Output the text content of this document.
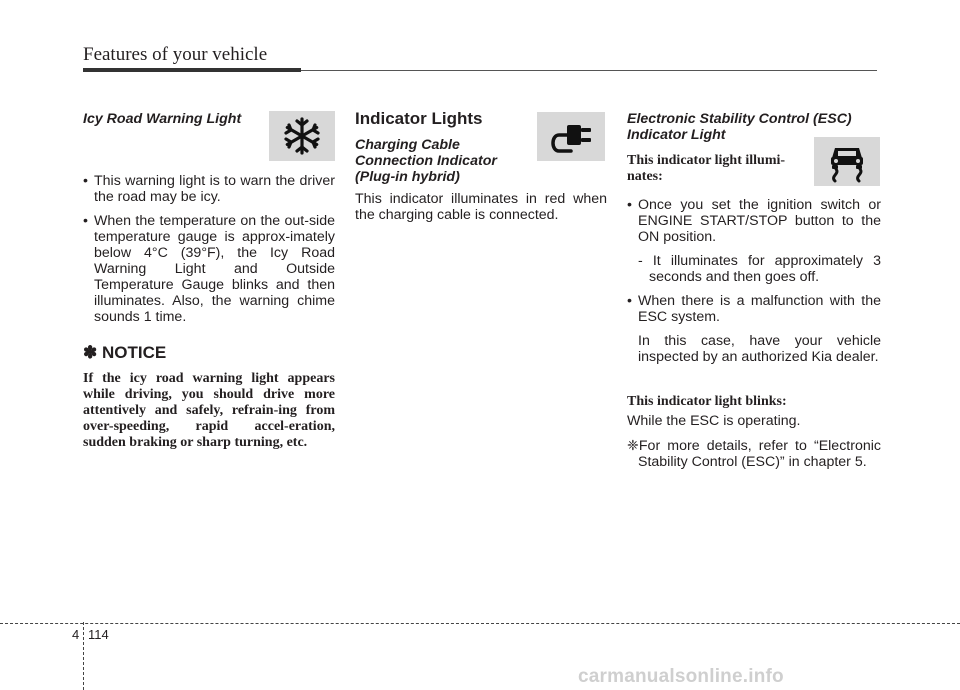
Features of your vehicle
Icy Road Warning Light
• This warning light is to warn the driver the road may be icy.
• When the temperature on the out-side temperature gauge is approx-imately below 4°C (39°F), the Icy Road Warning Light and Outside Temperature Gauge blinks and then illuminates. Also, the warning chime sounds 1 time.
✽ NOTICE
If the icy road warning light appears while driving, you should drive more attentively and safely, refrain-ing from over-speeding, rapid accel-eration, sudden braking or sharp turning, etc.
Indicator Lights
Charging Cable
Connection Indicator
(Plug-in hybrid)
This indicator illuminates in red when the charging cable is connected.
Electronic Stability Control (ESC)
Indicator Light
This indicator light illumi-
nates:
• Once you set the ignition switch or ENGINE START/STOP button to the ON position.
- It illuminates for approximately 3 seconds and then goes off.
• When there is a malfunction with the ESC system.
In this case, have your vehicle inspected by an authorized Kia dealer.
This indicator light blinks:
While the ESC is operating.
❈For more details, refer to “Electronic Stability Control (ESC)” in chapter 5.
4 114
carmanualsonline.info
